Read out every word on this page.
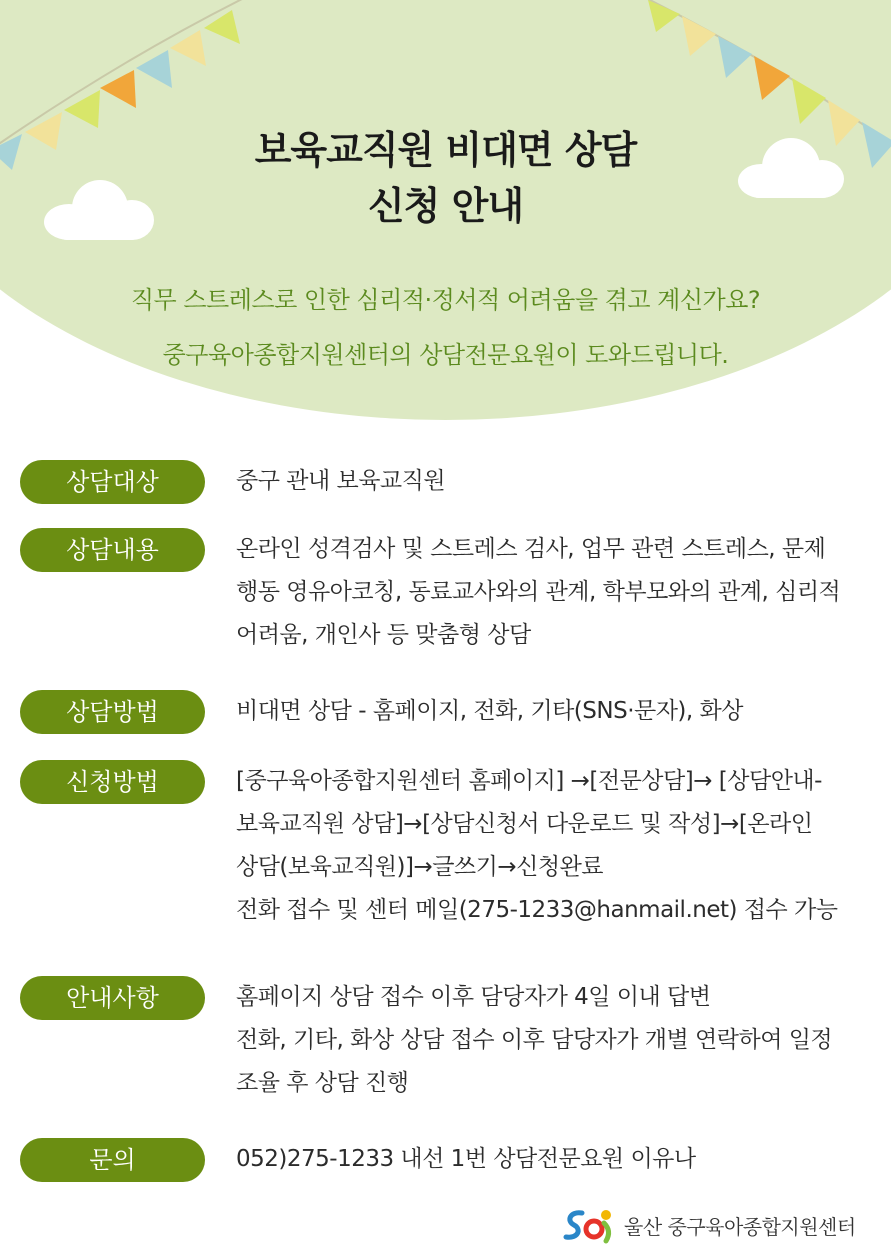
보육교직원 비대면 상담
신청 안내
직무 스트레스로 인한 심리적·정서적 어려움을 겪고 계신가요?
중구육아종합지원센터의 상담전문요원이 도와드립니다.
상담대상	중구 관내 보육교직원
상담내용	온라인 성격검사 및 스트레스 검사, 업무 관련 스트레스, 문제
행동 영유아코칭, 동료교사와의 관계, 학부모와의 관계, 심리적
어려움, 개인사 등 맞춤형 상담
상담방법	비대면 상담 - 홈페이지, 전화, 기타(SNS·문자), 화상
신청방법	[중구육아종합지원센터 홈페이지] →[전문상담]→ [상담안내-
보육교직원 상담]→[상담신청서 다운로드 및 작성]→[온라인
상담(보육교직원)]→글쓰기→신청완료
전화 접수 및 센터 메일(275-1233@hanmail.net) 접수 가능
안내사항	홈페이지 상담 접수 이후 담당자가 4일 이내 답변
전화, 기타, 화상 상담 접수 이후 담당자가 개별 연락하여 일정
조율 후 상담 진행
문의	052)275-1233 내선 1번 상담전문요원 이유나
울산 중구육아종합지원센터
